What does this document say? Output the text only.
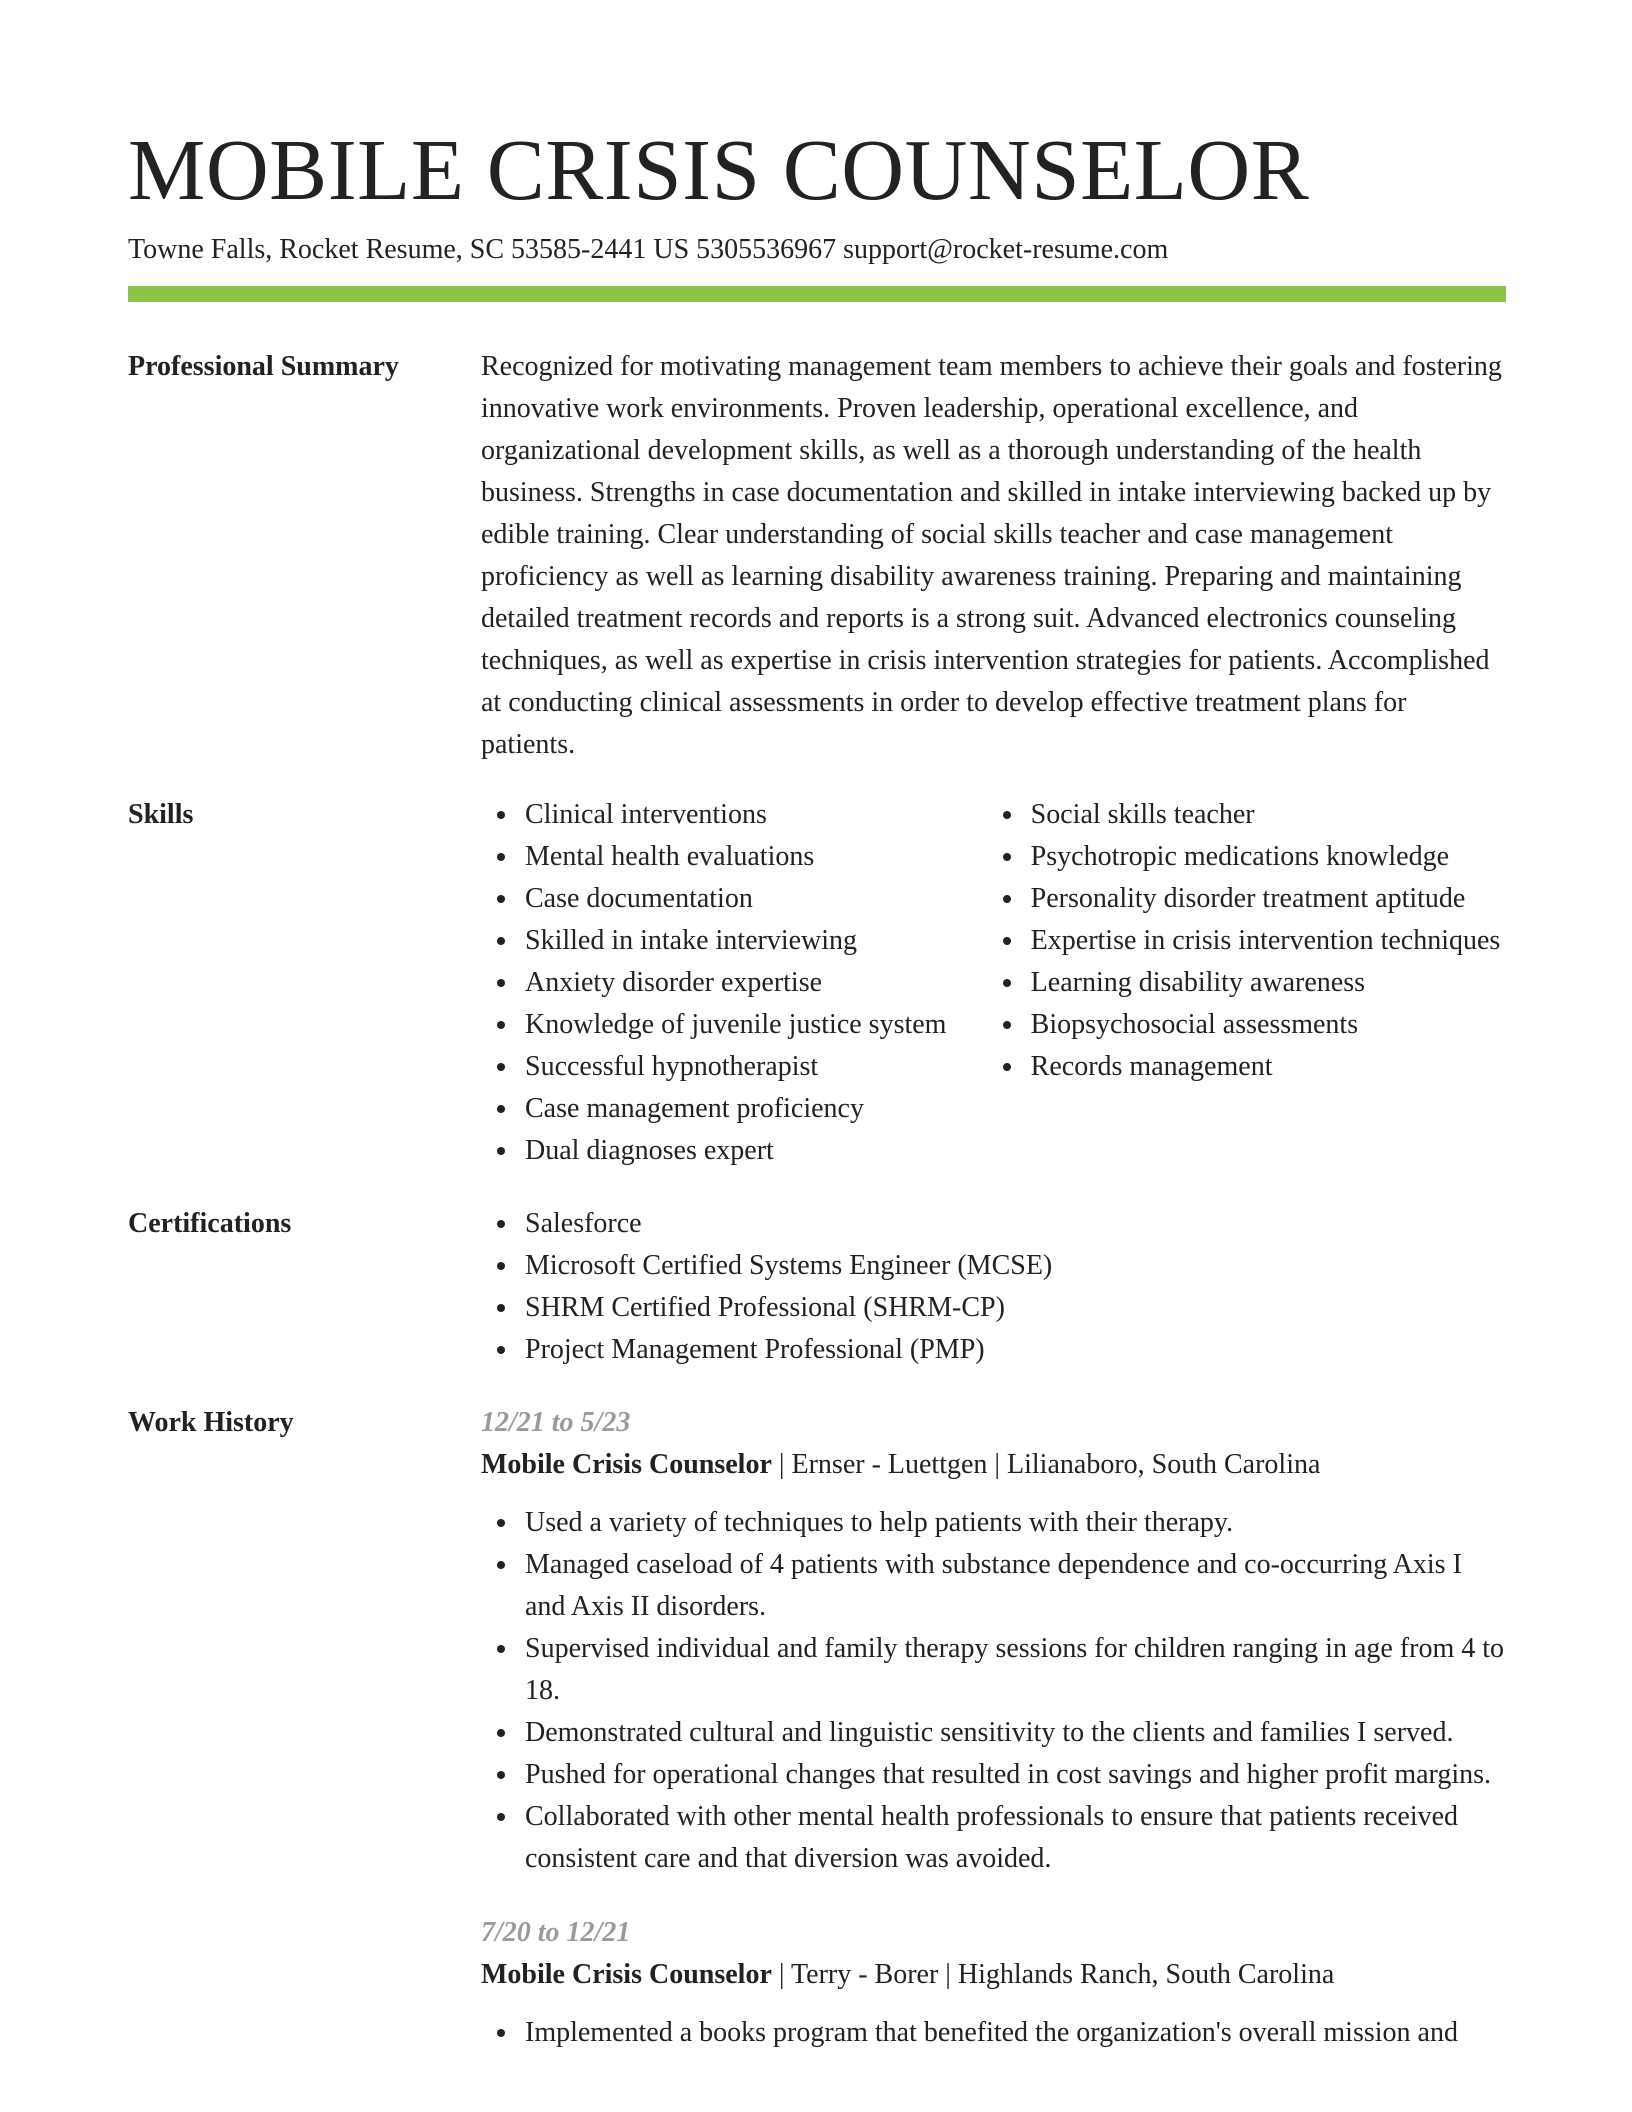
MOBILE CRISIS COUNSELOR
Towne Falls, Rocket Resume, SC 53585-2441 US 5305536967 support@rocket-resume.com
Professional Summary	Recognized for motivating management team members to achieve their goals and fostering innovative work environments. Proven leadership, operational excellence, and organizational development skills, as well as a thorough understanding of the health business. Strengths in case documentation and skilled in intake interviewing backed up by edible training. Clear understanding of social skills teacher and case management proficiency as well as learning disability awareness training. Preparing and maintaining detailed treatment records and reports is a strong suit. Advanced electronics counseling techniques, as well as expertise in crisis intervention strategies for patients. Accomplished at conducting clinical assessments in order to develop effective treatment plans for patients.

Skills	Clinical interventions
Mental health evaluations
Case documentation
Skilled in intake interviewing
Anxiety disorder expertise
Knowledge of juvenile justice system
Successful hypnotherapist
Case management proficiency
Dual diagnoses expert
Social skills teacher
Psychotropic medications knowledge
Personality disorder treatment aptitude
Expertise in crisis intervention techniques
Learning disability awareness
Biopsychosocial assessments
Records management
Certifications	Salesforce
Microsoft Certified Systems Engineer (MCSE)
SHRM Certified Professional (SHRM-CP)
Project Management Professional (PMP)
Work History	12/21 to 5/23
Mobile Crisis Counselor | Ernser - Luettgen | Lilianaboro, South Carolina
Used a variety of techniques to help patients with their therapy.
Managed caseload of 4 patients with substance dependence and co-occurring Axis I and Axis II disorders.
Supervised individual and family therapy sessions for children ranging in age from 4 to 18.
Demonstrated cultural and linguistic sensitivity to the clients and families I served.
Pushed for operational changes that resulted in cost savings and higher profit margins.
Collaborated with other mental health professionals to ensure that patients received consistent care and that diversion was avoided.
7/20 to 12/21
Mobile Crisis Counselor | Terry - Borer | Highlands Ranch, South Carolina
Implemented a books program that benefited the organization's overall mission and
